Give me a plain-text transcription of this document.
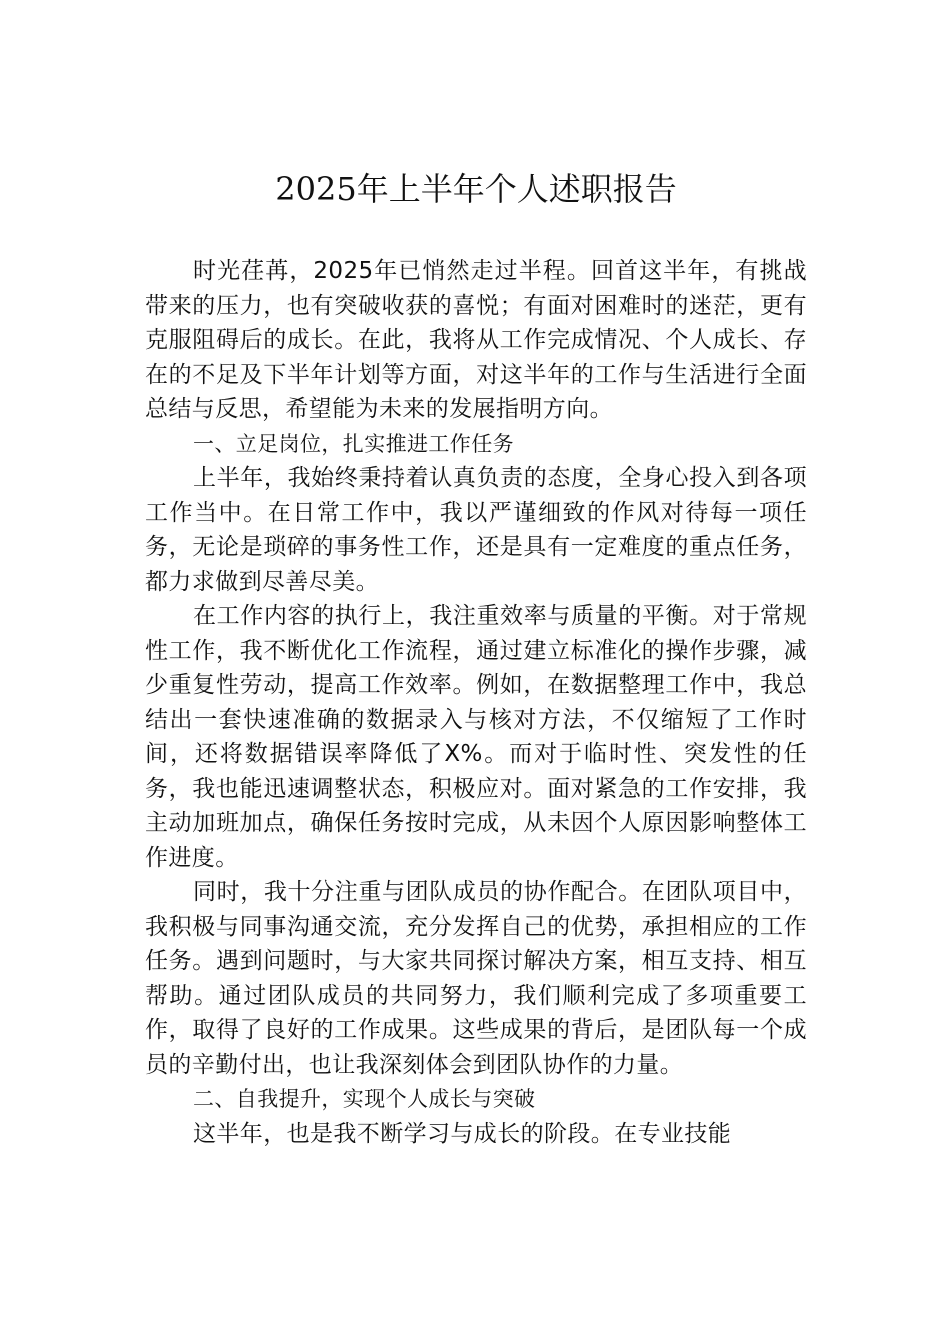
2025年上半年个人述职报告

时光荏苒，2025年已悄然走过半程。回首这半年，有挑战带来的压力，也有突破收获的喜悦；有面对困难时的迷茫，更有克服阻碍后的成长。在此，我将从工作完成情况、个人成长、存在的不足及下半年计划等方面，对这半年的工作与生活进行全面总结与反思，希望能为未来的发展指明方向。

一、立足岗位，扎实推进工作任务

上半年，我始终秉持着认真负责的态度，全身心投入到各项工作当中。在日常工作中，我以严谨细致的作风对待每一项任务，无论是琐碎的事务性工作，还是具有一定难度的重点任务，都力求做到尽善尽美。

在工作内容的执行上，我注重效率与质量的平衡。对于常规性工作，我不断优化工作流程，通过建立标准化的操作步骤，减少重复性劳动，提高工作效率。例如，在数据整理工作中，我总结出一套快速准确的数据录入与核对方法，不仅缩短了工作时间，还将数据错误率降低了X%。而对于临时性、突发性的任务，我也能迅速调整状态，积极应对。面对紧急的工作安排，我主动加班加点，确保任务按时完成，从未因个人原因影响整体工作进度。

同时，我十分注重与团队成员的协作配合。在团队项目中，我积极与同事沟通交流，充分发挥自己的优势，承担相应的工作任务。遇到问题时，与大家共同探讨解决方案，相互支持、相互帮助。通过团队成员的共同努力，我们顺利完成了多项重要工作，取得了良好的工作成果。这些成果的背后，是团队每一个成员的辛勤付出，也让我深刻体会到团队协作的力量。

二、自我提升，实现个人成长与突破

这半年，也是我不断学习与成长的阶段。在专业技能
